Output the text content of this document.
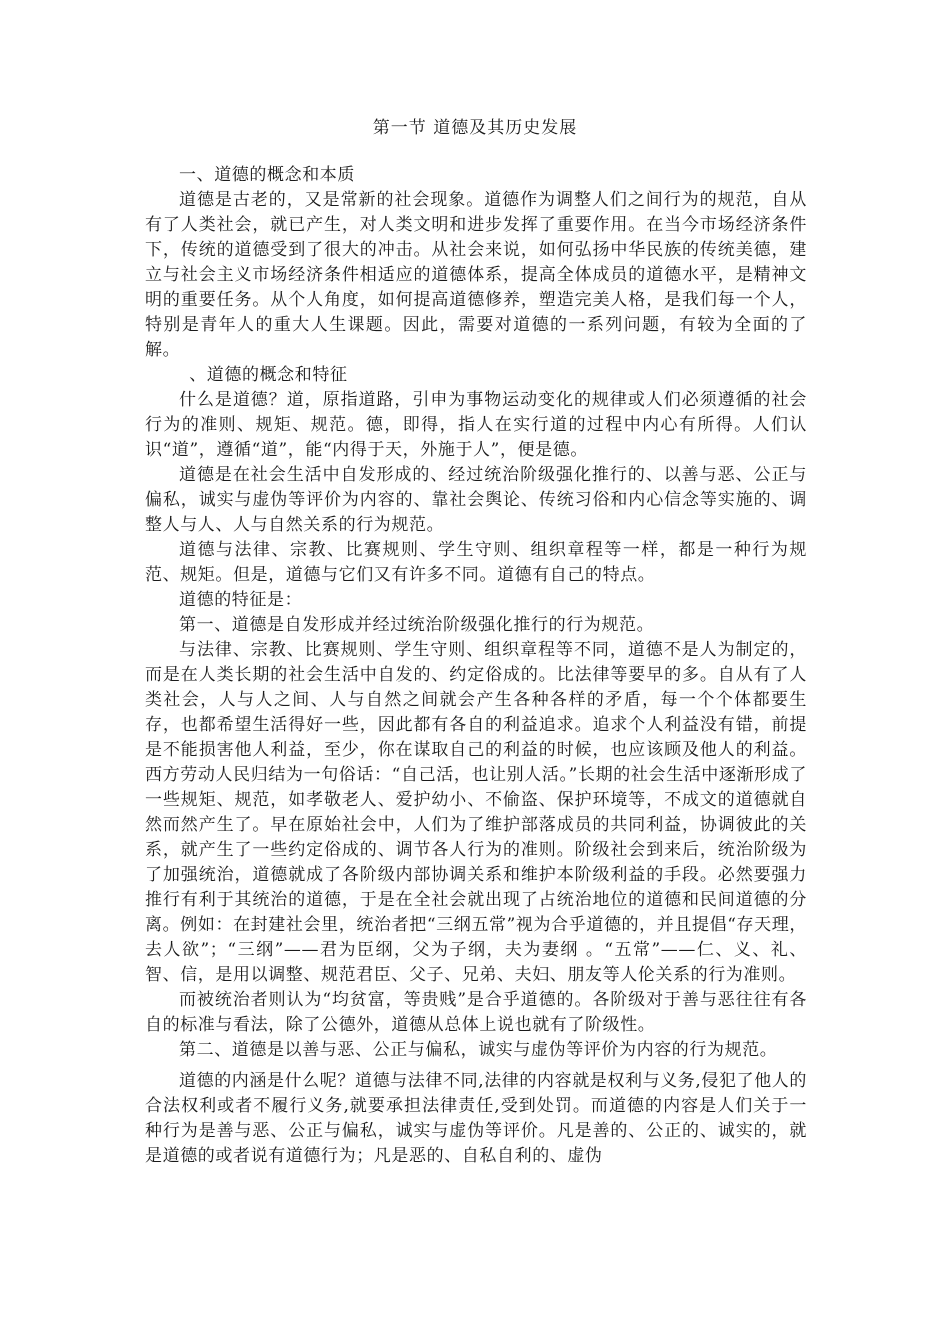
第一节 道德及其历史发展

一、道德的概念和本质

道德是古老的，又是常新的社会现象。道德作为调整人们之间行为的规范，自从有了人类社会，就已产生，对人类文明和进步发挥了重要作用。在当今市场经济条件下，传统的道德受到了很大的冲击。从社会来说，如何弘扬中华民族的传统美德，建立与社会主义市场经济条件相适应的道德体系，提高全体成员的道德水平，是精神文明的重要任务。从个人角度，如何提高道德修养，塑造完美人格，是我们每一个人，特别是青年人的重大人生课题。因此，需要对道德的一系列问题，有较为全面的了解。

、道德的概念和特征

什么是道德？道，原指道路，引申为事物运动变化的规律或人们必须遵循的社会行为的准则、规矩、规范。德，即得，指人在实行道的过程中内心有所得。人们认识“道”，遵循“道”，能“内得于天，外施于人”，便是德。

道德是在社会生活中自发形成的、经过统治阶级强化推行的、以善与恶、公正与偏私，诚实与虚伪等评价为内容的、靠社会舆论、传统习俗和内心信念等实施的、调整人与人、人与自然关系的行为规范。

道德与法律、宗教、比赛规则、学生守则、组织章程等一样，都是一种行为规范、规矩。但是，道德与它们又有许多不同。道德有自己的特点。

道德的特征是：

第一、道德是自发形成并经过统治阶级强化推行的行为规范。

与法律、宗教、比赛规则、学生守则、组织章程等不同，道德不是人为制定的，而是在人类长期的社会生活中自发的、约定俗成的。比法律等要早的多。自从有了人类社会，人与人之间、人与自然之间就会产生各种各样的矛盾，每一个个体都要生存，也都希望生活得好一些，因此都有各自的利益追求。追求个人利益没有错，前提是不能损害他人利益，至少，你在谋取自己的利益的时候，也应该顾及他人的利益。西方劳动人民归结为一句俗话：“自己活，也让别人活。”长期的社会生活中逐渐形成了一些规矩、规范，如孝敬老人、爱护幼小、不偷盗、保护环境等，不成文的道德就自然而然产生了。早在原始社会中，人们为了维护部落成员的共同利益，协调彼此的关系，就产生了一些约定俗成的、调节各人行为的准则。阶级社会到来后，统治阶级为了加强统治，道德就成了各阶级内部协调关系和维护本阶级利益的手段。必然要强力推行有利于其统治的道德，于是在全社会就出现了占统治地位的道德和民间道德的分离。例如：在封建社会里，统治者把“三纲五常”视为合乎道德的，并且提倡“存天理，去人欲”；“三纲”——君为臣纲，父为子纲，夫为妻纲 。“五常”——仁、义、礼、智、信，是用以调整、规范君臣、父子、兄弟、夫妇、朋友等人伦关系的行为准则。

而被统治者则认为“均贫富，等贵贱”是合乎道德的。各阶级对于善与恶往往有各自的标准与看法，除了公德外，道德从总体上说也就有了阶级性。

第二、道德是以善与恶、公正与偏私，诚实与虚伪等评价为内容的行为规范。

道德的内涵是什么呢？道德与法律不同,法律的内容就是权利与义务,侵犯了他人的合法权利或者不履行义务,就要承担法律责任,受到处罚。而道德的内容是人们关于一种行为是善与恶、公正与偏私，诚实与虚伪等评价。凡是善的、公正的、诚实的，就是道德的或者说有道德行为；凡是恶的、自私自利的、虚伪
